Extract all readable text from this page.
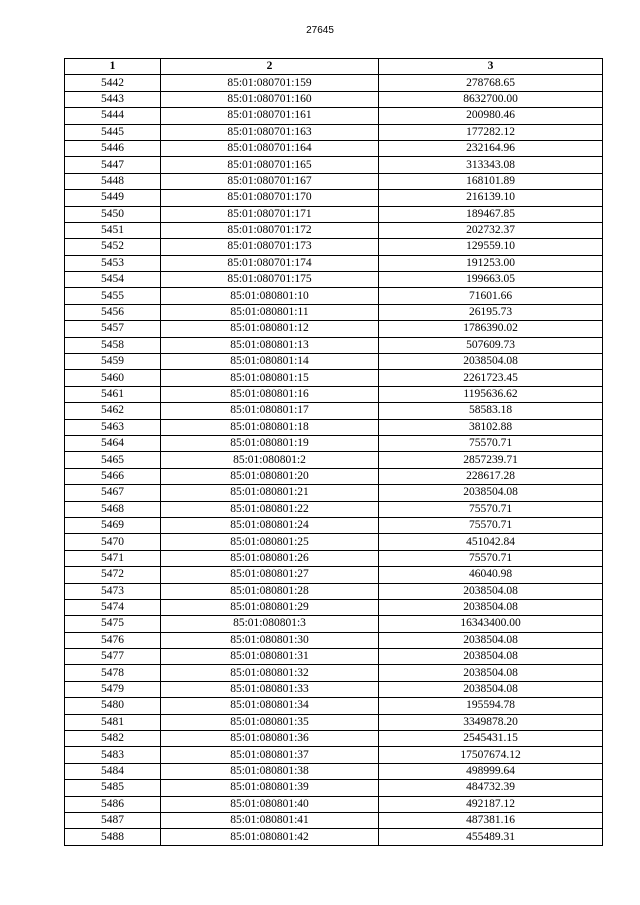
27645
1	2	3
5442	85:01:080701:159	278768.65
5443	85:01:080701:160	8632700.00
5444	85:01:080701:161	200980.46
5445	85:01:080701:163	177282.12
5446	85:01:080701:164	232164.96
5447	85:01:080701:165	313343.08
5448	85:01:080701:167	168101.89
5449	85:01:080701:170	216139.10
5450	85:01:080701:171	189467.85
5451	85:01:080701:172	202732.37
5452	85:01:080701:173	129559.10
5453	85:01:080701:174	191253.00
5454	85:01:080701:175	199663.05
5455	85:01:080801:10	71601.66
5456	85:01:080801:11	26195.73
5457	85:01:080801:12	1786390.02
5458	85:01:080801:13	507609.73
5459	85:01:080801:14	2038504.08
5460	85:01:080801:15	2261723.45
5461	85:01:080801:16	1195636.62
5462	85:01:080801:17	58583.18
5463	85:01:080801:18	38102.88
5464	85:01:080801:19	75570.71
5465	85:01:080801:2	2857239.71
5466	85:01:080801:20	228617.28
5467	85:01:080801:21	2038504.08
5468	85:01:080801:22	75570.71
5469	85:01:080801:24	75570.71
5470	85:01:080801:25	451042.84
5471	85:01:080801:26	75570.71
5472	85:01:080801:27	46040.98
5473	85:01:080801:28	2038504.08
5474	85:01:080801:29	2038504.08
5475	85:01:080801:3	16343400.00
5476	85:01:080801:30	2038504.08
5477	85:01:080801:31	2038504.08
5478	85:01:080801:32	2038504.08
5479	85:01:080801:33	2038504.08
5480	85:01:080801:34	195594.78
5481	85:01:080801:35	3349878.20
5482	85:01:080801:36	2545431.15
5483	85:01:080801:37	17507674.12
5484	85:01:080801:38	498999.64
5485	85:01:080801:39	484732.39
5486	85:01:080801:40	492187.12
5487	85:01:080801:41	487381.16
5488	85:01:080801:42	455489.31
